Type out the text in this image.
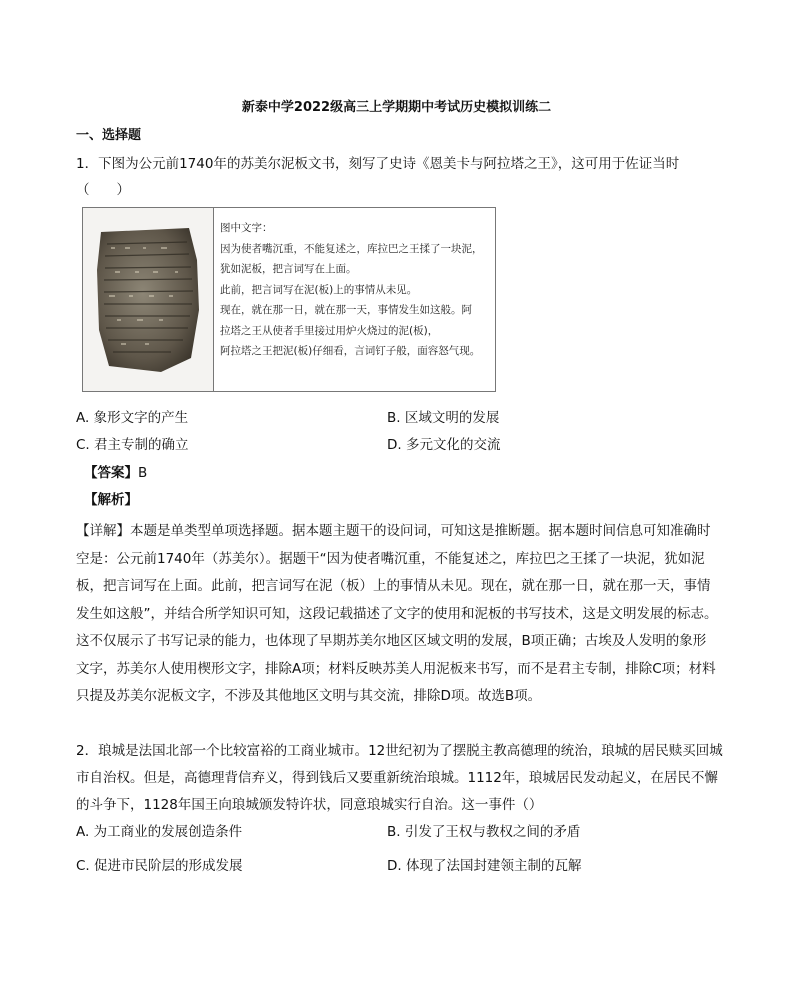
新泰中学2022级高三上学期期中考试历史模拟训练二
一、选择题
1．下图为公元前1740年的苏美尔泥板文书，刻写了史诗《恩美卡与阿拉塔之王》，这可用于佐证当时（　　）
图中文字：
因为使者嘴沉重，不能复述之，库拉巴之王揉了一块泥，
犹如泥板，把言词写在上面。
此前，把言词写在泥(板)上的事情从未见。
现在，就在那一日，就在那一天，事情发生如这般。阿
拉塔之王从使者手里接过用炉火烧过的泥(板)，
阿拉塔之王把泥(板)仔细看，言词钉子般，面容怒气现。
A. 象形文字的产生	B. 区域文明的发展
C. 君主专制的确立	D. 多元文化的交流
【答案】B
【解析】
【详解】本题是单类型单项选择题。据本题主题干的设问词，可知这是推断题。据本题时间信息可知准确时空是：公元前1740年（苏美尔）。据题干“因为使者嘴沉重，不能复述之，库拉巴之王揉了一块泥，犹如泥板，把言词写在上面。此前，把言词写在泥（板）上的事情从未见。现在，就在那一日，就在那一天，事情发生如这般”，并结合所学知识可知，这段记载描述了文字的使用和泥板的书写技术，这是文明发展的标志。这不仅展示了书写记录的能力，也体现了早期苏美尔地区区域文明的发展，B项正确；古埃及人发明的象形文字，苏美尔人使用楔形文字，排除A项；材料反映苏美人用泥板来书写，而不是君主专制，排除C项；材料只提及苏美尔泥板文字，不涉及其他地区文明与其交流，排除D项。故选B项。
2．琅城是法国北部一个比较富裕的工商业城市。12世纪初为了摆脱主教高德理的统治，琅城的居民赎买回城市自治权。但是，高德理背信弃义，得到钱后又要重新统治琅城。1112年，琅城居民发动起义，在居民不懈的斗争下，1128年国王向琅城颁发特许状，同意琅城实行自治。这一事件（）
A. 为工商业的发展创造条件	B. 引发了王权与教权之间的矛盾
C. 促进市民阶层的形成发展	D. 体现了法国封建领主制的瓦解
